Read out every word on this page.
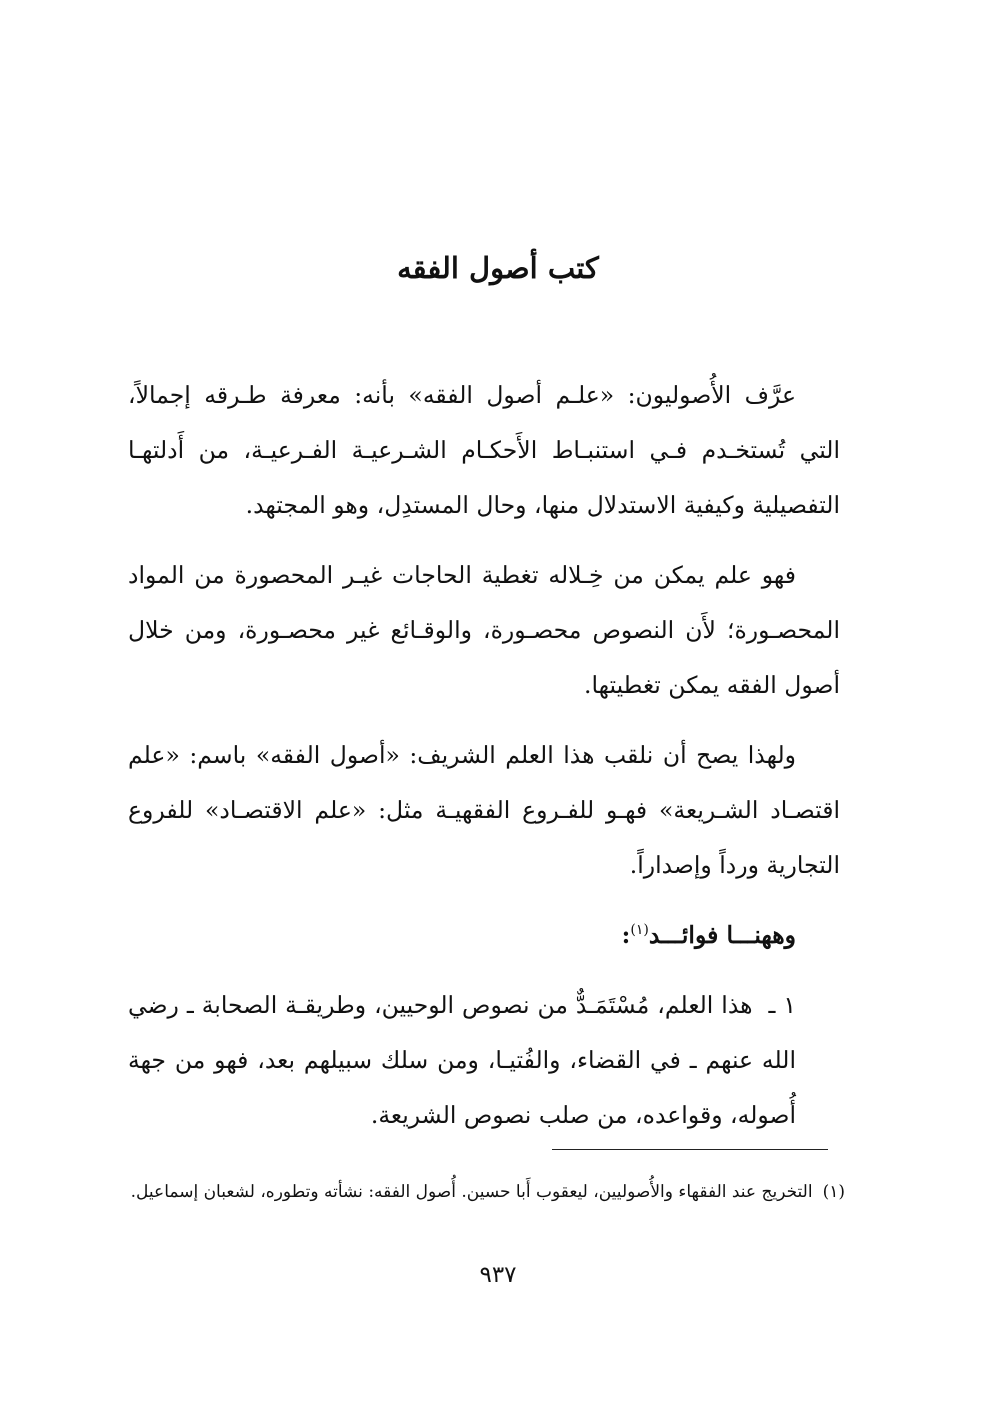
كتب أصول الفقه

عرَّف الأُصوليون: «علـم أصول الفقه» بأنه: معرفة طـرقه إجمالاً، التي تُستخـدم فـي استنبـاط الأَحكـام الشـرعيـة الفـرعيـة، من أَدلتهـا التفصيلية وكيفية الاستدلال منها، وحال المستدِل، وهو المجتهد.

فهو علم يمكن من خِـلاله تغطية الحاجات غيـر المحصورة من المواد المحصـورة؛ لأَن النصوص محصـورة، والوقـائع غير محصـورة، ومن خلال أصول الفقه يمكن تغطيتها.

ولهذا يصح أن نلقب هذا العلم الشريف: «أصول الفقه» باسم: «علم اقتصـاد الشـريعة» فهـو للفـروع الفقهيـة مثل: «علم الاقتصـاد» للفروع التجارية ورداً وإصداراً.

وههنـــا فوائـــد$^{(١)}$:

١ ـ هذا العلم، مُسْتَمَـدٌّ من نصوص الوحيين، وطريقـة الصحابة ـ رضي الله عنهم ـ في القضاء، والفُتيـا، ومن سلك سبيلهم بعد، فهو من جهة أُصوله، وقواعده، من صلب نصوص الشريعة.

(١)التخريج عند الفقهاء والأُصوليين، ليعقوب أَبا حسين. أُصول الفقه: نشأته وتطوره، لشعبان إسماعيل.
٩٣٧
